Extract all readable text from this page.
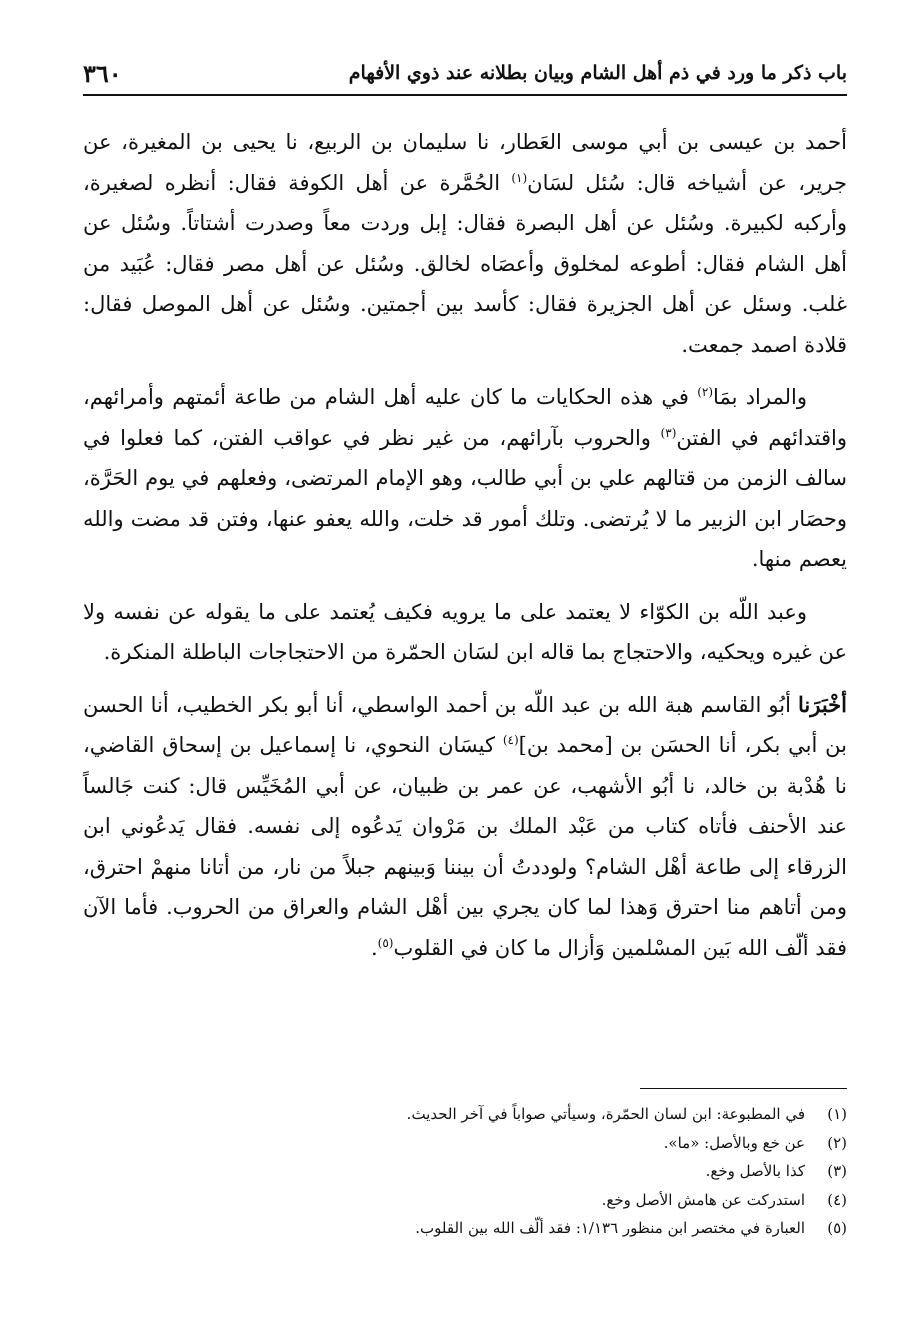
باب ذكر ما ورد في ذم أهل الشام وبيان بطلانه عند ذوي الأفهام
٣٦٠

أحمد بن عيسى بن أبي موسى العَطار، نا سليمان بن الربيع، نا يحيى بن المغيرة، عن جرير، عن أشياخه قال: سُئل لسَان$^{(١)}$ الحُمَّرة عن أهل الكوفة فقال: أنظره لصغيرة، وأركبه لكبيرة. وسُئل عن أهل البصرة فقال: إبل وردت معاً وصدرت أشتاتاً. وسُئل عن أهل الشام فقال: أطوعه لمخلوق وأعصَاه لخالق. وسُئل عن أهل مصر فقال: عُبَيد من غلب. وسئل عن أهل الجزيرة فقال: كأسد بين أجمتين. وسُئل عن أهل الموصل فقال: قلادة اصمد جمعت.

والمراد بمَا$^{(٢)}$ في هذه الحكايات ما كان عليه أهل الشام من طاعة أئمتهم وأمرائهم، واقتدائهم في الفتن$^{(٣)}$ والحروب بآرائهم، من غير نظر في عواقب الفتن، كما فعلوا في سالف الزمن من قتالهم علي بن أبي طالب، وهو الإمام المرتضى، وفعلهم في يوم الحَرَّة، وحصَار ابن الزبير ما لا يُرتضى. وتلك أمور قد خلت، والله يعفو عنها، وفتن قد مضت والله يعصم منها.

وعبد اللّه بن الكوّاء لا يعتمد على ما يرويه فكيف يُعتمد على ما يقوله عن نفسه ولا عن غيره ويحكيه، والاحتجاج بما قاله ابن لسَان الحمّرة من الاحتجاجات الباطلة المنكرة.

أخْبَرَنا أبُو القاسم هبة الله بن عبد اللّه بن أحمد الواسطي، أنا أبو بكر الخطيب، أنا الحسن بن أبي بكر، أنا الحسَن بن [محمد بن]$^{(٤)}$ كيسَان النحوي، نا إسماعيل بن إسحاق القاضي، نا هُدْبة بن خالد، نا أبُو الأشهب، عن عمر بن ظبيان، عن أبي المُخَيِّس قال: كنت جَالساً عند الأحنف فأتاه كتاب من عَبْد الملك بن مَرْوان يَدعُوه إلى نفسه. فقال يَدعُوني ابن الزرقاء إلى طاعة أهْل الشام؟ ولوددتُ أن بيننا وَبينهم جبلاً من نار، من أتانا منهمْ احترق، ومن أتاهم منا احترق وَهذا لما كان يجري بين أهْل الشام والعراق من الحروب. فأما الآن فقد ألّف الله بَين المسْلمين وَأزال ما كان في القلوب$^{(٥)}$.

(١)
في المطبوعة: ابن لسان الحمّرة، وسيأتي صواباً في آخر الحديث.
(٢)
عن خ‍ع وبالأصل: «ما».
(٣)
كذا بالأصل وخ‍ع.
(٤)
استدركت عن هامش الأصل وخ‍ع.
(٥)
العبارة في مختصر ابن منظور ١/١٣٦: فقد ألّف الله بين القلوب.
